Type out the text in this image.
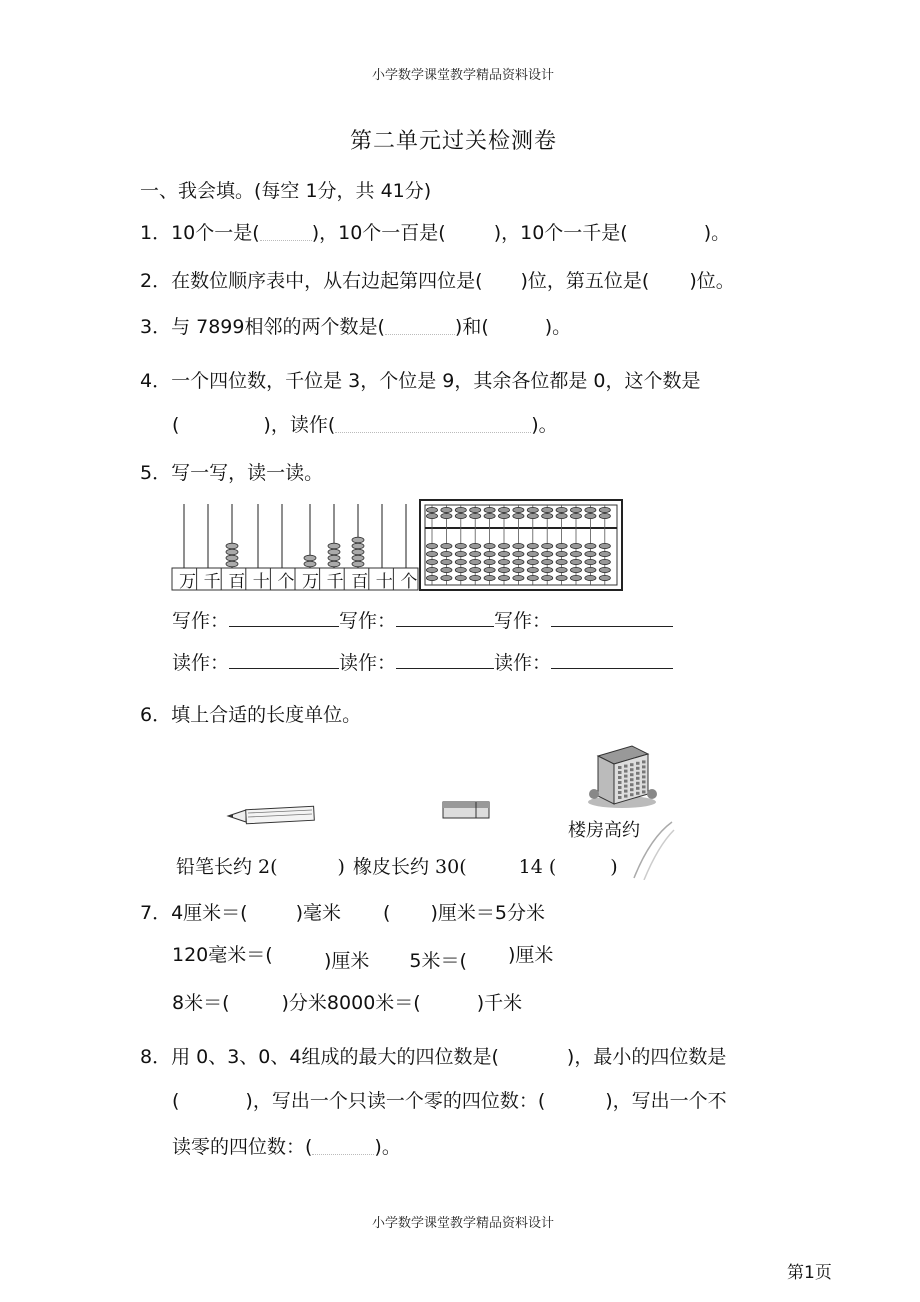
小学数学课堂教学精品资料设计
第二单元过关检测卷
一、我会填。(每空 1分，共 41分)
1．10个一是(	)，10个一百是(	)，10个一千是(	)。
2．在数位顺序表中，从右边起第四位是( )位，第五位是( )位。
3．与 7899相邻的两个数是(	)和(	)。
4．一个四位数，千位是 3，个位是 9，其余各位都是 0，这个数是
(	)，读作(	)。
5．写一写，读一读。
万 千 百 十 个 万 千 百 十 个
写作：	写作：	写作：
读作：	读作：	读作：
6．填上合适的长度单位。
楼房高约
铅笔长约 2(	) 橡皮长约 30(	14 (	)
7．4厘米＝(	)毫米 ( )厘米＝5分米
120毫米＝(	)厘米 5米＝( )厘米
8米＝(	)分米8000米＝(	)千米
8．用 0、3、0、4组成的最大的四位数是(	)，最小的四位数是
(	)，写出一个只读一个零的四位数：(	)，写出一个不
读零的四位数：(	)。
小学数学课堂教学精品资料设计
第1页
